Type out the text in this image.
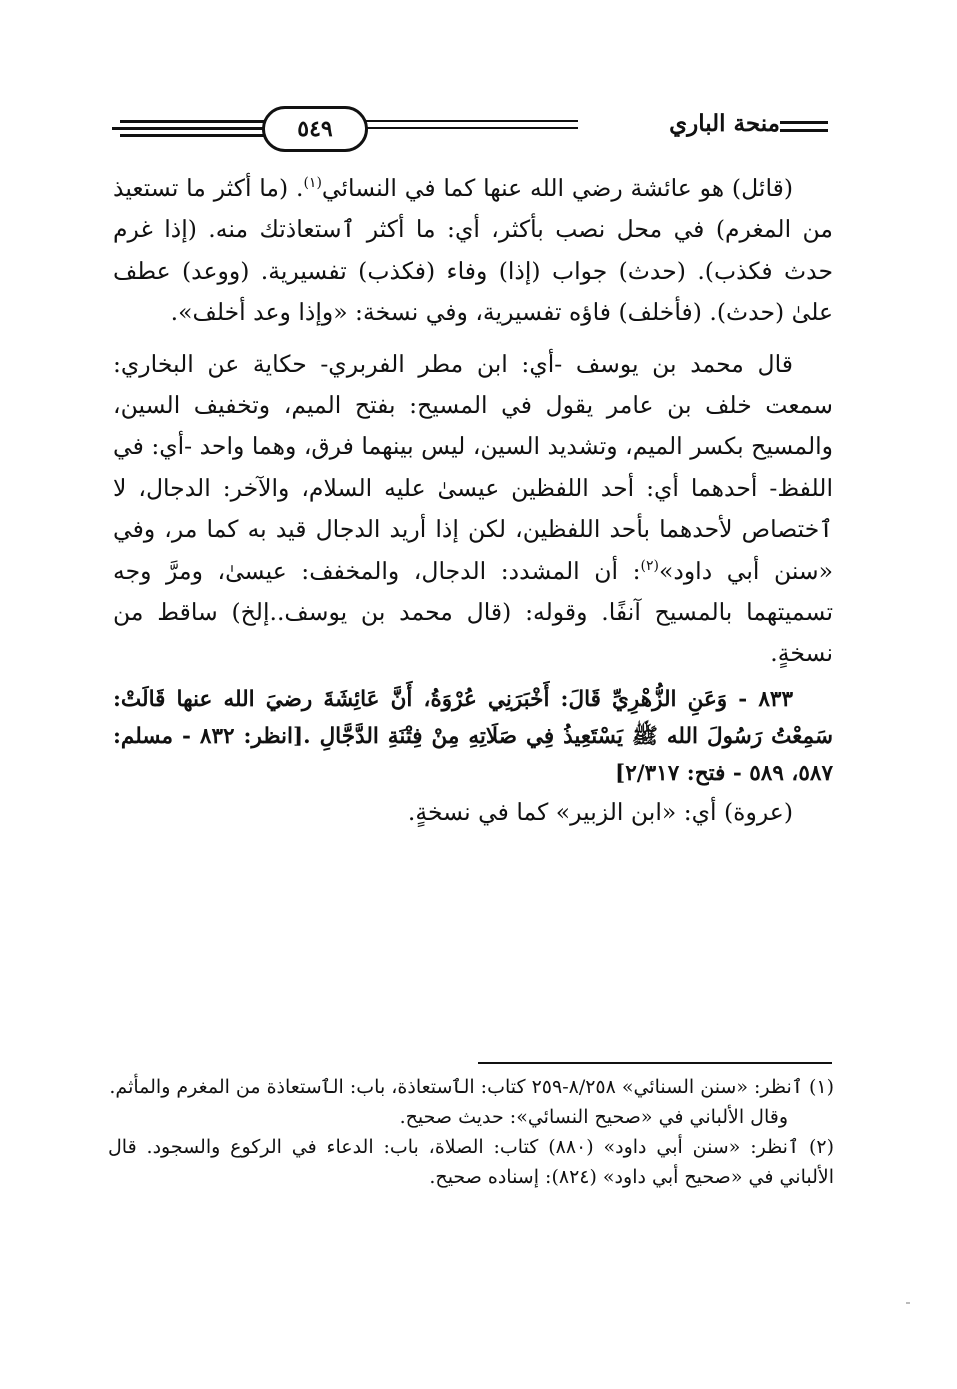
٥٤٩	منحة الباري

(قائل) هو عائشة رضي الله عنها كما في النسائي$^{(١)}$. (ما أكثر ما تستعيذ من المغرم) في محل نصب بأكثر، أي: ما أكثر ٱستعاذتك منه. (إذا غرم حدث فكذب). (حدث) جواب (إذا) وفاء (فكذب) تفسيرية. (ووعد) عطف علىٰ (حدث). (فأخلف) فاؤه تفسيرية، وفي نسخة: «وإذا وعد أخلف».

قال محمد بن يوسف -أي: ابن مطر الفربري- حكاية عن البخاري: سمعت خلف بن عامر يقول في المسيح: بفتح الميم، وتخفيف السين، والمسيح بكسر الميم، وتشديد السين، ليس بينهما فرق، وهما واحد -أي: في اللفظ- أحدهما أي: أحد اللفظين عيسىٰ عليه السلام، والآخر: الدجال، لا ٱختصاص لأحدهما بأحد اللفظين، لكن إذا أريد الدجال قيد به كما مر، وفي «سنن أبي داود»$^{(٢)}$: أن المشدد: الدجال، والمخفف: عيسىٰ، ومرَّ وجه تسميتهما بالمسيح آنفًا. وقوله: (قال محمد بن يوسف..إلخ) ساقط من نسخةٍ.

٨٣٣ - وَعَنِ الزُّهْرِيِّ قَالَ: أَخْبَرَنِي عُرْوَةُ، أَنَّ عَائِشَةَ رضيَ الله عنها قَالَتْ: سَمِعْتُ رَسُولَ الله ﷺ يَسْتَعِيذُ فِي صَلَاتِهِ مِنْ فِتْنَةِ الدَّجَّالِ .[انظر: ٨٣٢ - مسلم: ٥٨٧، ٥٨٩ - فتح: ٢/٣١٧]

(عروة) أي: «ابن الزبير» كما في نسخةٍ.

(١) ٱنظر: «سنن السنائي» ٨/٢٥٨-٢٥٩ كتاب: الٱستعاذة، باب: الٱستعاذة من المغرم والمأثم.

وقال الألباني في «صحيح النسائي»: حديث صحيح.

(٢) ٱنظر: «سنن أبي داود» (٨٨٠) كتاب: الصلاة، باب: الدعاء في الركوع والسجود. قال الألباني في «صحيح أبي داود» (٨٢٤): إسناده صحيح.
